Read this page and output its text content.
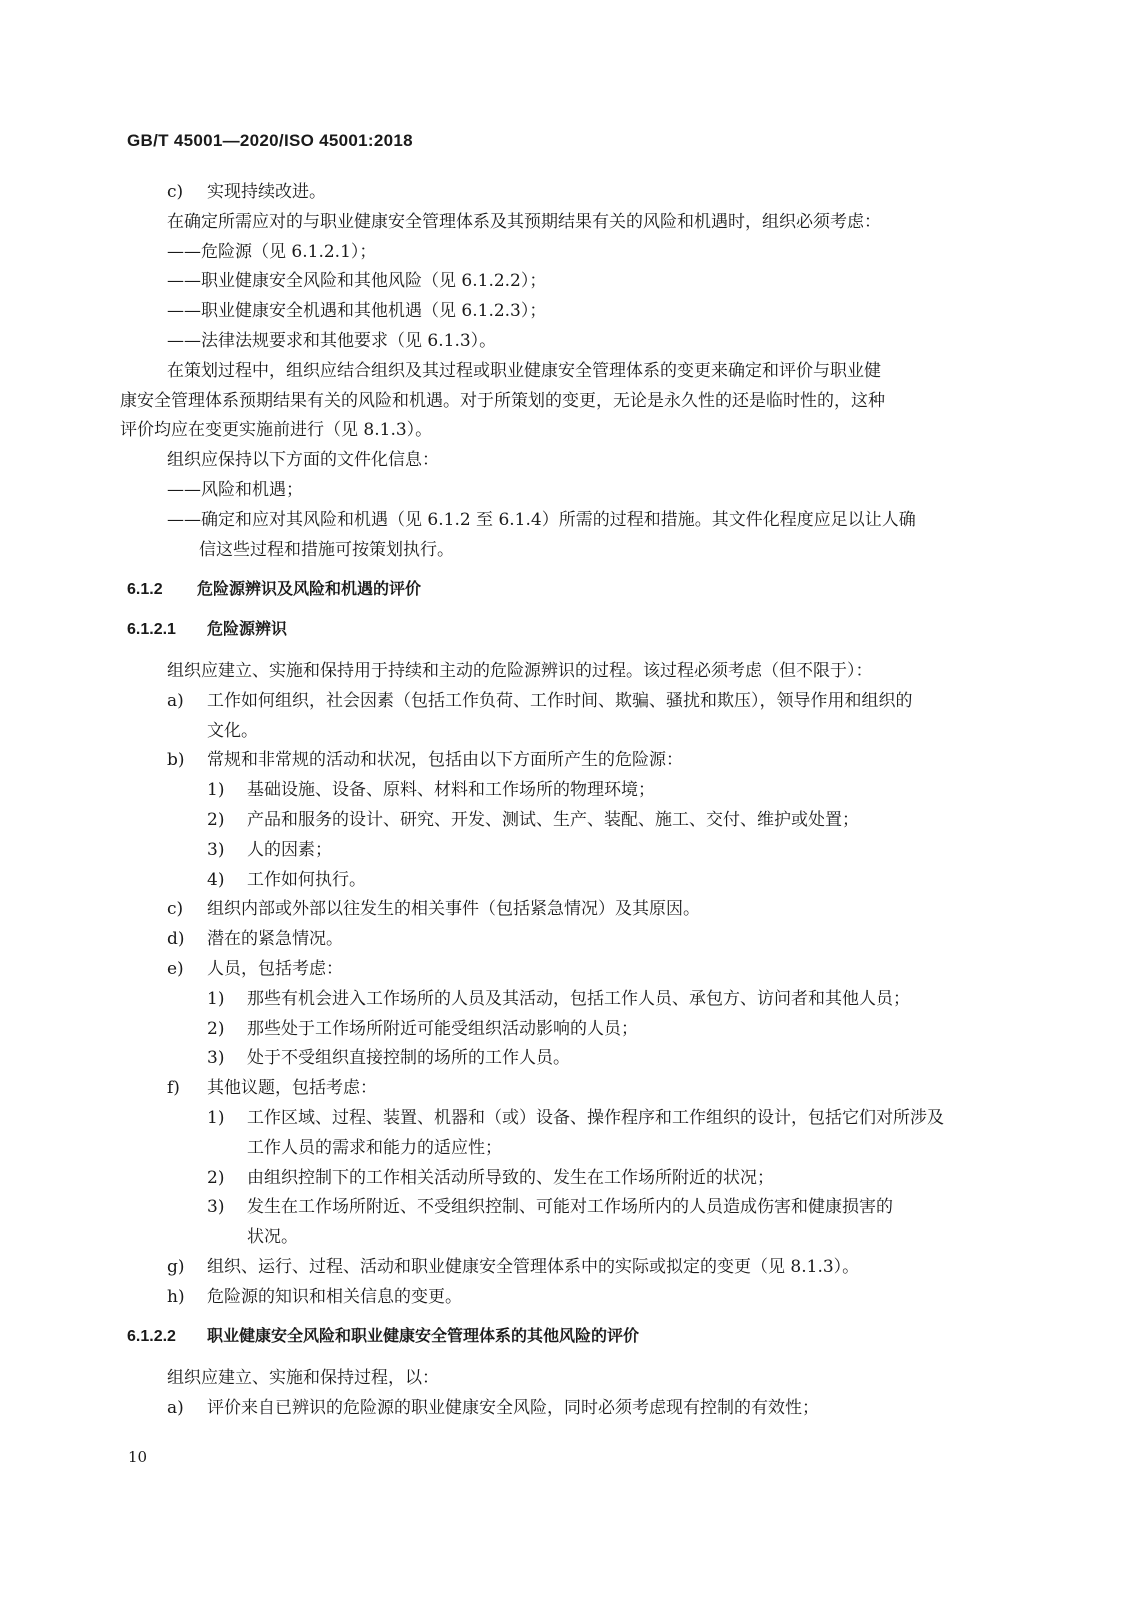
GB/T 45001—2020/ISO 45001:2018
c)	实现持续改进。
在确定所需应对的与职业健康安全管理体系及其预期结果有关的风险和机遇时，组织必须考虑：
——危险源（见 6.1.2.1）；
——职业健康安全风险和其他风险（见 6.1.2.2）；
——职业健康安全机遇和其他机遇（见 6.1.2.3）；
——法律法规要求和其他要求（见 6.1.3）。
在策划过程中，组织应结合组织及其过程或职业健康安全管理体系的变更来确定和评价与职业健
康安全管理体系预期结果有关的风险和机遇。对于所策划的变更，无论是永久性的还是临时性的，这种
评价均应在变更实施前进行（见 8.1.3）。
组织应保持以下方面的文件化信息：
——风险和机遇；
——确定和应对其风险和机遇（见 6.1.2 至 6.1.4）所需的过程和措施。其文件化程度应足以让人确
信这些过程和措施可按策划执行。
6.1.2 危险源辨识及风险和机遇的评价
6.1.2.1 危险源辨识
组织应建立、实施和保持用于持续和主动的危险源辨识的过程。该过程必须考虑（但不限于）：
a)	工作如何组织，社会因素（包括工作负荷、工作时间、欺骗、骚扰和欺压），领导作用和组织的
文化。
b)	常规和非常规的活动和状况，包括由以下方面所产生的危险源：
1)	基础设施、设备、原料、材料和工作场所的物理环境；
2)	产品和服务的设计、研究、开发、测试、生产、装配、施工、交付、维护或处置；
3)	人的因素；
4)	工作如何执行。
c)	组织内部或外部以往发生的相关事件（包括紧急情况）及其原因。
d)	潜在的紧急情况。
e)	人员，包括考虑：
1)	那些有机会进入工作场所的人员及其活动，包括工作人员、承包方、访问者和其他人员；
2)	那些处于工作场所附近可能受组织活动影响的人员；
3)	处于不受组织直接控制的场所的工作人员。
f)	其他议题，包括考虑：
1)	工作区域、过程、装置、机器和（或）设备、操作程序和工作组织的设计，包括它们对所涉及
工作人员的需求和能力的适应性；
2)	由组织控制下的工作相关活动所导致的、发生在工作场所附近的状况；
3)	发生在工作场所附近、不受组织控制、可能对工作场所内的人员造成伤害和健康损害的
状况。
g)	组织、运行、过程、活动和职业健康安全管理体系中的实际或拟定的变更（见 8.1.3）。
h)	危险源的知识和相关信息的变更。
6.1.2.2 职业健康安全风险和职业健康安全管理体系的其他风险的评价
组织应建立、实施和保持过程，以：
a)	评价来自已辨识的危险源的职业健康安全风险，同时必须考虑现有控制的有效性；
10
